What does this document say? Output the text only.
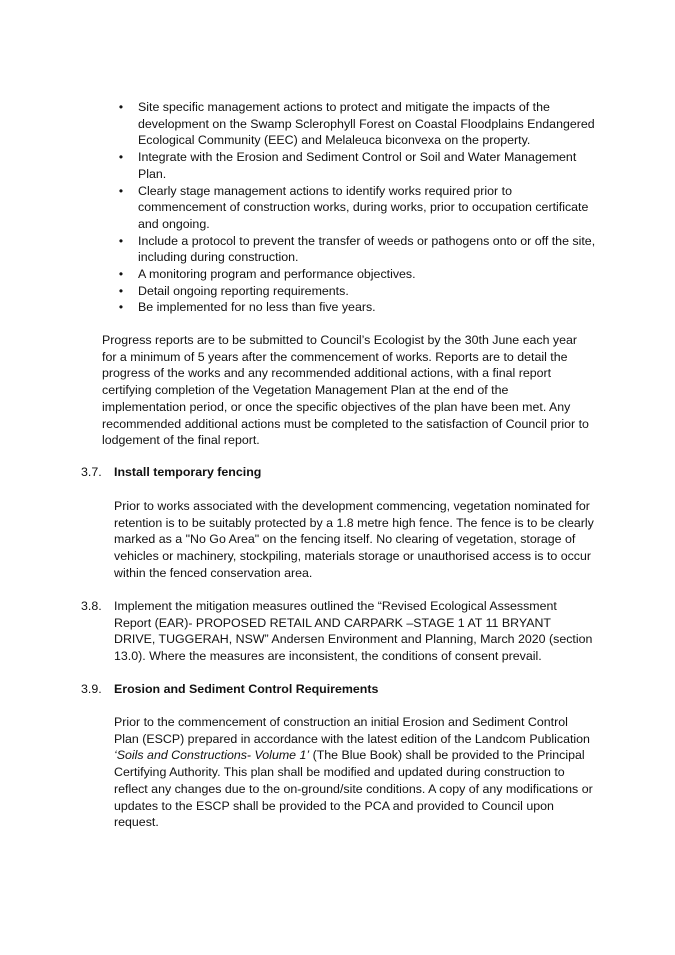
• Site specific management actions to protect and mitigate the impacts of the development on the Swamp Sclerophyll Forest on Coastal Floodplains Endangered Ecological Community (EEC) and Melaleuca biconvexa on the property.
• Integrate with the Erosion and Sediment Control or Soil and Water Management Plan.
• Clearly stage management actions to identify works required prior to commencement of construction works, during works, prior to occupation certificate and ongoing.
• Include a protocol to prevent the transfer of weeds or pathogens onto or off the site, including during construction.
• A monitoring program and performance objectives.
• Detail ongoing reporting requirements.
• Be implemented for no less than five years.

Progress reports are to be submitted to Council’s Ecologist by the 30th June each year for a minimum of 5 years after the commencement of works. Reports are to detail the progress of the works and any recommended additional actions, with a final report certifying completion of the Vegetation Management Plan at the end of the implementation period, or once the specific objectives of the plan have been met. Any recommended additional actions must be completed to the satisfaction of Council prior to lodgement of the final report.

3.7. Install temporary fencing

Prior to works associated with the development commencing, vegetation nominated for retention is to be suitably protected by a 1.8 metre high fence. The fence is to be clearly marked as a "No Go Area" on the fencing itself. No clearing of vegetation, storage of vehicles or machinery, stockpiling, materials storage or unauthorised access is to occur within the fenced conservation area.

3.8. Implement the mitigation measures outlined the “Revised Ecological Assessment Report (EAR)- PROPOSED RETAIL AND CARPARK –STAGE 1 AT 11 BRYANT DRIVE, TUGGERAH, NSW” Andersen Environment and Planning, March 2020 (section 13.0). Where the measures are inconsistent, the conditions of consent prevail.

3.9. Erosion and Sediment Control Requirements

Prior to the commencement of construction an initial Erosion and Sediment Control Plan (ESCP) prepared in accordance with the latest edition of the Landcom Publication ‘Soils and Constructions- Volume 1’ (The Blue Book) shall be provided to the Principal Certifying Authority. This plan shall be modified and updated during construction to reflect any changes due to the on-ground/site conditions. A copy of any modifications or updates to the ESCP shall be provided to the PCA and provided to Council upon request.
